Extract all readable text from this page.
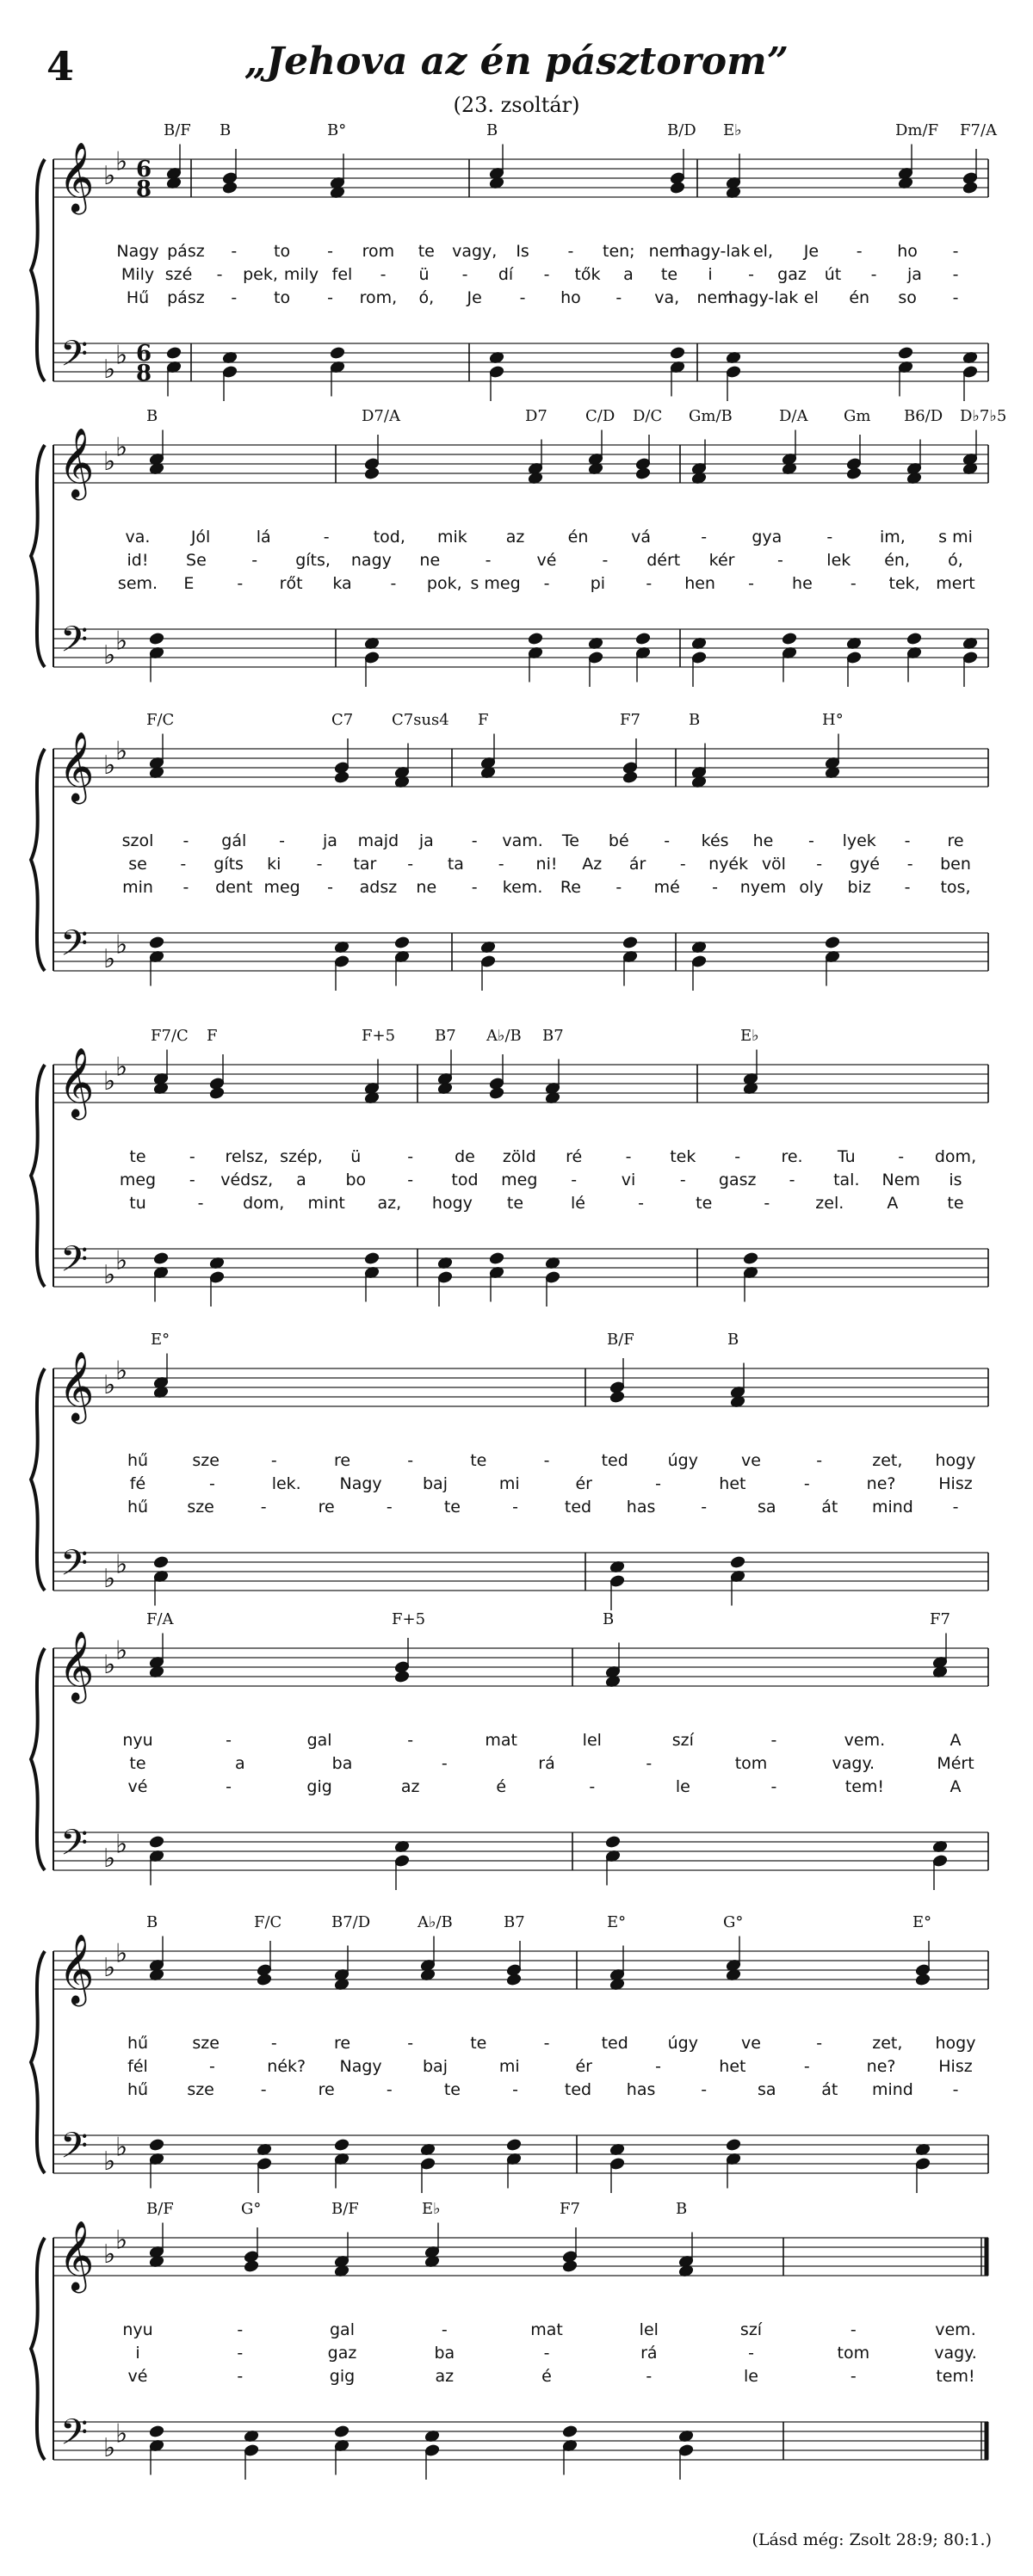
4	„Jehova az én pásztorom”
(23. zsoltár)
B/F B	B°	B	B/D E♭	Dm/F F7/A
𝄞
𝄢
♭ ♭
♭ ♭
6
8
6
8
Nagy pász - to - rom te vagy, Is - ten; nem
hagy-lak el, Je - ho -
Mily szé - pek, mily fel - ü - dí - tők a te i - gaz út - ja -
Hű pász - to - rom, ó, Je - ho - va, nem
hagy-lak el én so -
B	D7/A	D7 C/D D/C Gm/B	D/A Gm B6/D D♭7♭5
𝄞
𝄢
♭ ♭
♭ ♭
va. Jól	lá	-	tod, mik az	én	vá	-	gya	-	im, s mi
id! Se	- gíts, nagy ne	-	vé	- dért kér	-	lek én, ó,
sem. E	- rőt ka - pok, s meg - pi - hen - he - tek, mert
F/C	C7 C7sus4 F	F7	B	H°
𝄞
𝄢
♭ ♭
♭ ♭
szol - gál - ja majd ja - vam. Te bé - kés he - lyek - re
se - gíts ki - tar - ta - ni! Az ár - nyék völ - gyé - ben
min - dent meg - adsz ne - kem. Re - mé - nyem oly biz - tos,
F7/C F	F+5	B7 A♭/B B7	E♭
𝄞
𝄢
♭ ♭
♭ ♭
te	- relsz, szép, ü	-	de zöld ré	- tek - re. Tu	- dom,
meg - védsz, a bo	- tod meg -	vi	- gasz - tal. Nem is
tu	- dom, mint az, hogy te	lé	-	te	-	zel.	A	te
E°	B/F	B
𝄞
𝄢
♭ ♭
♭ ♭
hű	sze	-	re	-	te	-	ted úgy	ve	-	zet, hogy
fé	-	lek. Nagy baj	mi	ér	-	het	-	ne?	Hisz
hű sze	-	re	-	te	-	ted has	-	sa	át mind -
F/A	F+5	B	F7
𝄞
𝄢
♭ ♭
♭ ♭
nyu	-	gal	-	mat	lel	szí	-	vem.	A
te	a	ba	-	rá	-	tom	vagy.	Mért
vé	-	gig	az	é	-	le	-	tem!	A
B	F/C	B7/D	A♭/B	B7	E°	G°	E°
𝄞
𝄢
♭ ♭
♭ ♭
hű	sze	-	re	-	te	-	ted úgy	ve	-	zet, hogy
fél	-	nék? Nagy baj	mi	ér	-	het	-	ne?	Hisz
hű sze	-	re	-	te	-	ted has	-	sa	át mind -
B/F	G°	B/F	E♭	F7	B
𝄞
𝄢
♭ ♭
♭ ♭
nyu	-	gal	-	mat	lel	szí	-	vem.
i	-	gaz	ba	-	rá	-	tom	vagy.
vé	-	gig	az	é	-	le	-	tem!
(Lásd még: Zsolt 28:9; 80:1.)
